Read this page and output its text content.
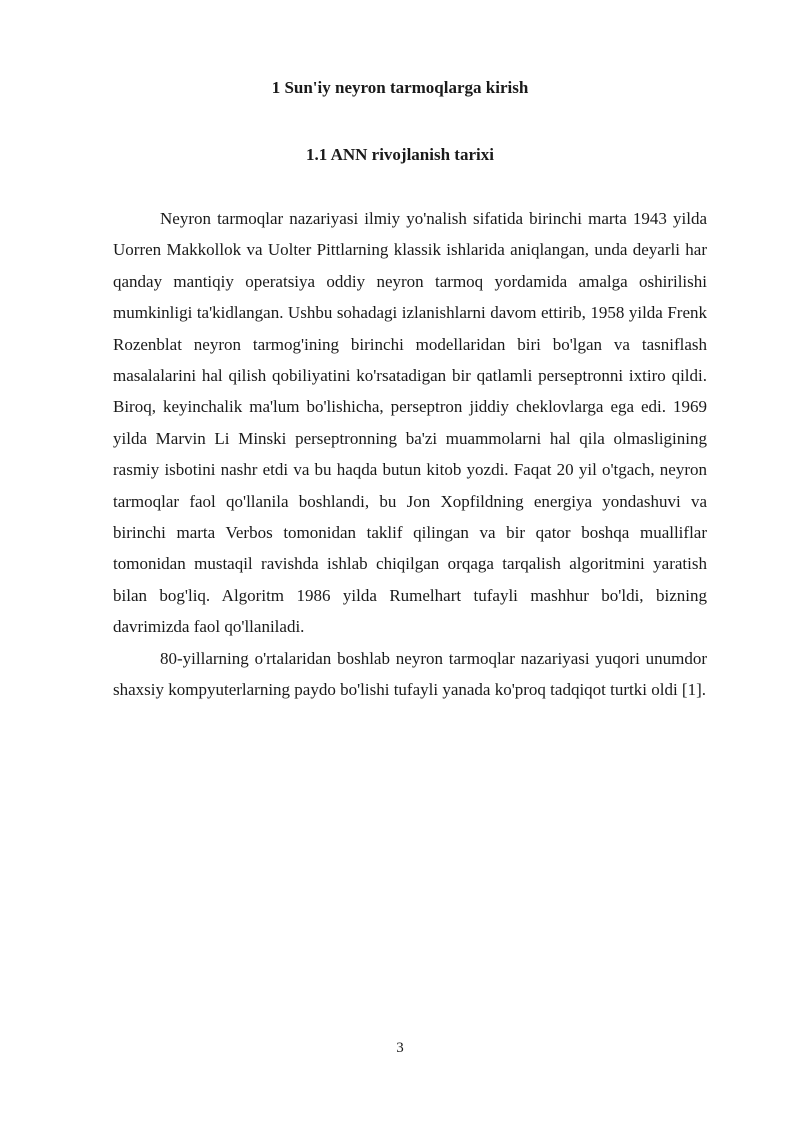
1 Sun'iy neyron tarmoqlarga kirish
1.1 ANN rivojlanish tarixi

Neyron tarmoqlar nazariyasi ilmiy yo'nalish sifatida birinchi marta 1943 yilda Uorren Makkollok va Uolter Pittlarning klassik ishlarida aniqlangan, unda deyarli har qanday mantiqiy operatsiya oddiy neyron tarmoq yordamida amalga oshirilishi mumkinligi ta'kidlangan. Ushbu sohadagi izlanishlarni davom ettirib, 1958 yilda Frenk Rozenblat neyron tarmog'ining birinchi modellaridan biri bo'lgan va tasniflash masalalarini hal qilish qobiliyatini ko'rsatadigan bir qatlamli perseptronni ixtiro qildi. Biroq, keyinchalik ma'lum bo'lishicha, perseptron jiddiy cheklovlarga ega edi. 1969 yilda Marvin Li Minski perseptronning ba'zi muammolarni hal qila olmasligining rasmiy isbotini nashr etdi va bu haqda butun kitob yozdi. Faqat 20 yil o'tgach, neyron tarmoqlar faol qo'llanila boshlandi, bu Jon Xopfildning energiya yondashuvi va birinchi marta Verbos tomonidan taklif qilingan va bir qator boshqa mualliflar tomonidan mustaqil ravishda ishlab chiqilgan orqaga tarqalish algoritmini yaratish bilan bog'liq. Algoritm 1986 yilda Rumelhart tufayli mashhur bo'ldi, bizning davrimizda faol qo'llaniladi.

80-yillarning o'rtalaridan boshlab neyron tarmoqlar nazariyasi yuqori unumdor shaxsiy kompyuterlarning paydo bo'lishi tufayli yanada ko'proq tadqiqot turtki oldi [1].

3
